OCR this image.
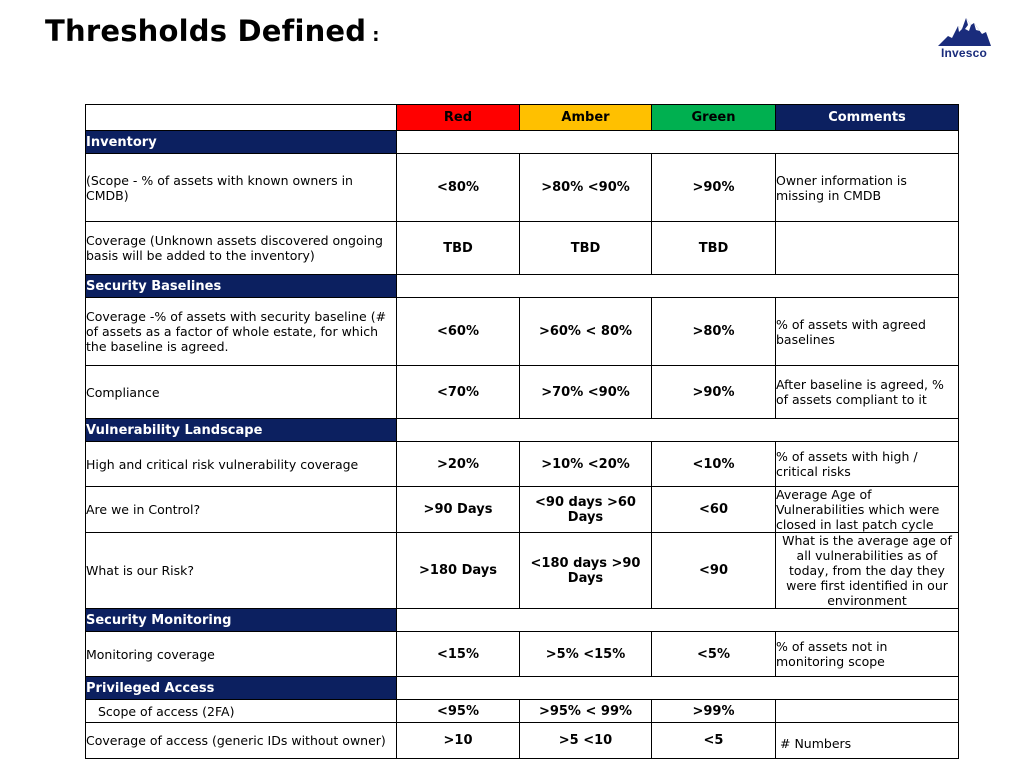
Thresholds Defined :
Invesco
	Red	Amber	Green	Comments
Inventory				
(Scope - % of assets with known owners in CMDB)	<80%	>80% <90%	>90%	Owner information is missing in CMDB
Coverage (Unknown assets discovered ongoing basis will be added to the inventory)	TBD	TBD	TBD	
Security Baselines				
Coverage -% of assets with security baseline (# of assets as a factor of whole estate, for which the baseline is agreed.	<60%	>60% < 80%	>80%	% of assets with agreed baselines
Compliance	<70%	>70% <90%	>90%	After baseline is agreed, % of assets compliant to it
Vulnerability Landscape				
High and critical risk vulnerability coverage	>20%	>10% <20%	<10%	% of assets with high / critical risks
Are we in Control?	>90 Days	<90 days >60 Days	<60	Average Age of Vulnerabilities which were closed in last patch cycle
What is our Risk?	>180 Days	<180 days >90 Days	<90	What is the average age of all vulnerabilities as of today, from the day they were first identified in our environment
Security Monitoring				
Monitoring coverage	<15%	>5% <15%	<5%	% of assets not in monitoring scope
Privileged Access				
Scope of access (2FA)	<95%	>95% < 99%	>99%	
Coverage of access (generic IDs without owner)	>10	>5 <10	<5	# Numbers
